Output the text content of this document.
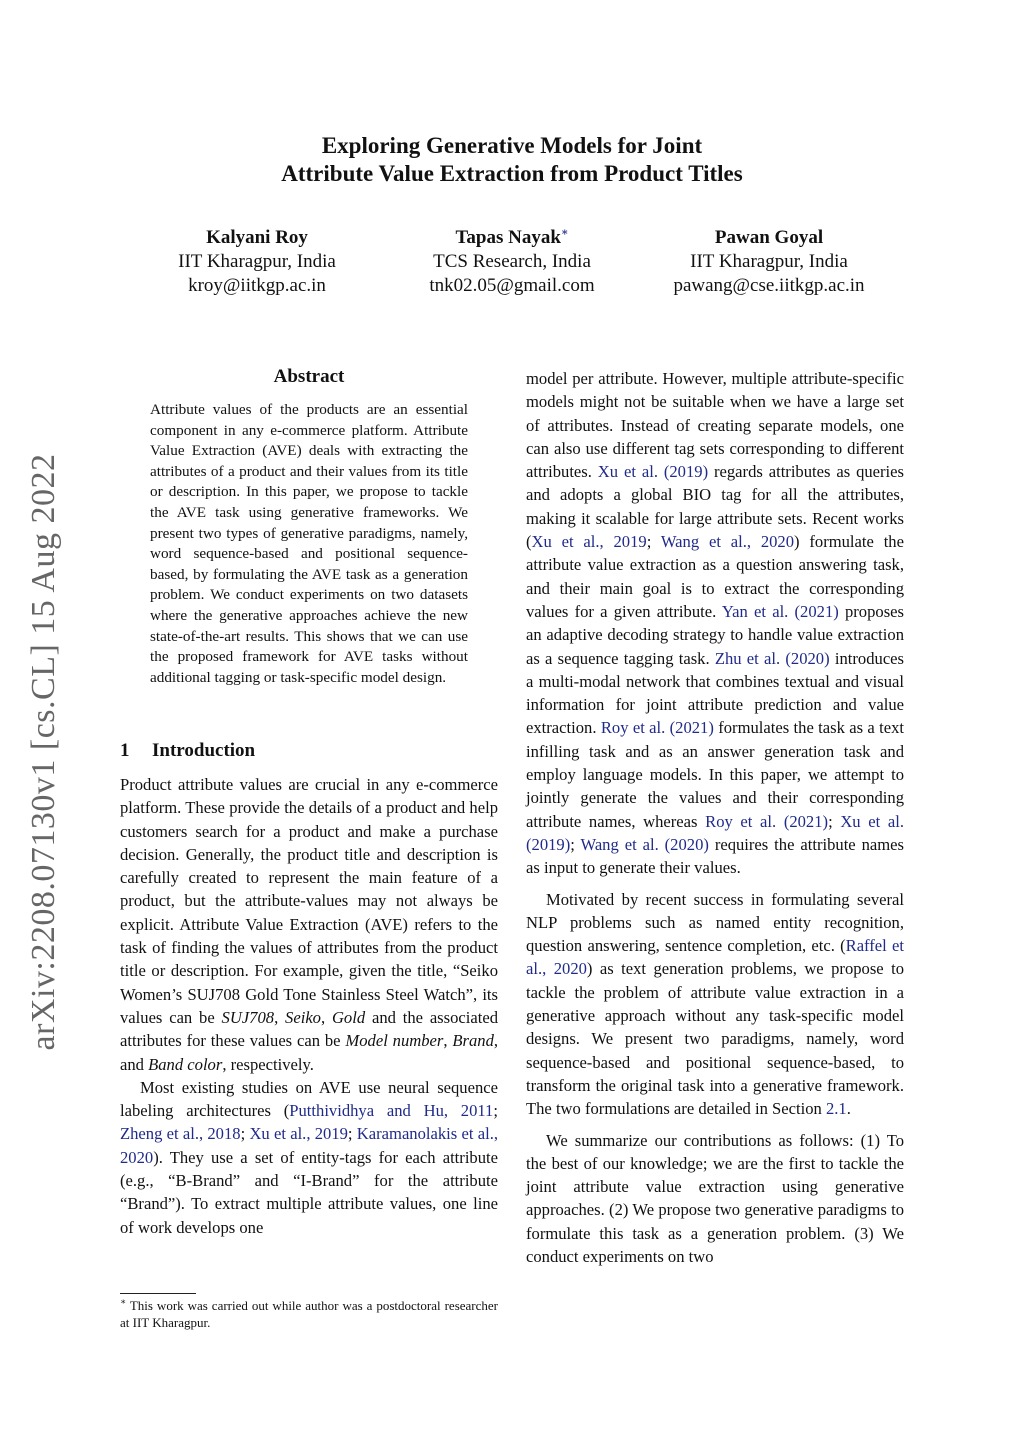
arXiv:2208.07130v1 [cs.CL] 15 Aug 2022
Exploring Generative Models for Joint
Attribute Value Extraction from Product Titles
Kalyani Roy
IIT Kharagpur, India
kroy@iitkgp.ac.in
Tapas Nayak∗
TCS Research, India
tnk02.05@gmail.com
Pawan Goyal
IIT Kharagpur, India
pawang@cse.iitkgp.ac.in
Abstract

Attribute values of the products are an essential component in any e-commerce platform. Attribute Value Extraction (AVE) deals with extracting the attributes of a product and their values from its title or description. In this paper, we propose to tackle the AVE task using generative frameworks. We present two types of generative paradigms, namely, word sequence-based and positional sequence-based, by formulating the AVE task as a generation problem. We conduct experiments on two datasets where the generative approaches achieve the new state-of-the-art results. This shows that we can use the proposed framework for AVE tasks without additional tagging or task-specific model design.

1 Introduction

Product attribute values are crucial in any e-commerce platform. These provide the details of a product and help customers search for a product and make a purchase decision. Generally, the product title and description is carefully created to represent the main feature of a product, but the attribute-values may not always be explicit. Attribute Value Extraction (AVE) refers to the task of finding the values of attributes from the product title or description. For example, given the title, “Seiko Women’s SUJ708 Gold Tone Stainless Steel Watch”, its values can be SUJ708, Seiko, Gold and the associated attributes for these values can be Model number, Brand, and Band color, respectively.

Most existing studies on AVE use neural sequence labeling architectures (Putthividhya and Hu, 2011; Zheng et al., 2018; Xu et al., 2019; Karamanolakis et al., 2020). They use a set of entity-tags for each attribute (e.g., “B-Brand” and “I-Brand” for the attribute “Brand”). To extract multiple attribute values, one line of work develops one

∗ This work was carried out while author was a postdoctoral researcher at IIT Kharagpur.

model per attribute. However, multiple attribute-specific models might not be suitable when we have a large set of attributes. Instead of creating separate models, one can also use different tag sets corresponding to different attributes. Xu et al. (2019) regards attributes as queries and adopts a global BIO tag for all the attributes, making it scalable for large attribute sets. Recent works (Xu et al., 2019; Wang et al., 2020) formulate the attribute value extraction as a question answering task, and their main goal is to extract the corresponding values for a given attribute. Yan et al. (2021) proposes an adaptive decoding strategy to handle value extraction as a sequence tagging task. Zhu et al. (2020) introduces a multi-modal network that combines textual and visual information for joint attribute prediction and value extraction. Roy et al. (2021) formulates the task as a text infilling task and as an answer generation task and employ language models. In this paper, we attempt to jointly generate the values and their corresponding attribute names, whereas Roy et al. (2021); Xu et al. (2019); Wang et al. (2020) requires the attribute names as input to generate their values.

Motivated by recent success in formulating several NLP problems such as named entity recognition, question answering, sentence completion, etc. (Raffel et al., 2020) as text generation problems, we propose to tackle the problem of attribute value extraction in a generative approach without any task-specific model designs. We present two paradigms, namely, word sequence-based and positional sequence-based, to transform the original task into a generative framework. The two formulations are detailed in Section 2.1.

We summarize our contributions as follows: (1) To the best of our knowledge; we are the first to tackle the joint attribute value extraction using generative approaches. (2) We propose two generative paradigms to formulate this task as a generation problem. (3) We conduct experiments on two
